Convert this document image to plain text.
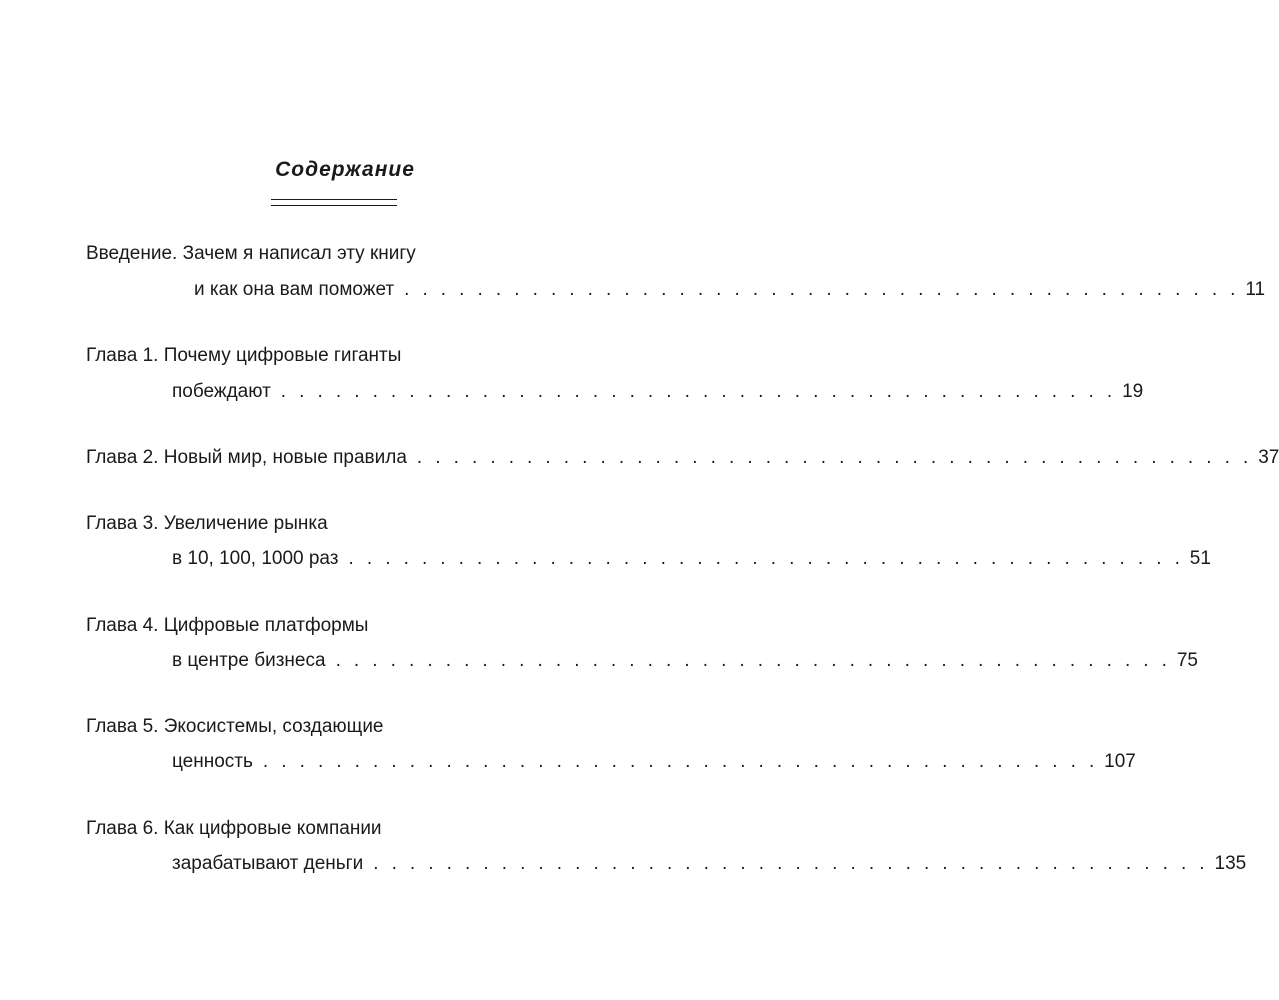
Содержание
Введение. Зачем я написал эту книгу
и как она вам поможет . . . . . . . . . . . . . . . . . . . . . . . . . . . . . . . . . . . . . . . . . . . . . . 11
Глава 1. Почему цифровые гиганты
побеждают . . . . . . . . . . . . . . . . . . . . . . . . . . . . . . . . . . . . . . . . . . . . . . 19
Глава 2. Новый мир, новые правила . . . . . . . . . . . . . . . . . . . . . . . . . . . . . . . . . . . . . . . . . . . . . . 37
Глава 3. Увеличение рынка
в 10, 100, 1000 раз . . . . . . . . . . . . . . . . . . . . . . . . . . . . . . . . . . . . . . . . . . . . . . 51
Глава 4. Цифровые платформы
в центре бизнеса . . . . . . . . . . . . . . . . . . . . . . . . . . . . . . . . . . . . . . . . . . . . . . 75
Глава 5. Экосистемы, создающие
ценность . . . . . . . . . . . . . . . . . . . . . . . . . . . . . . . . . . . . . . . . . . . . . . 107
Глава 6. Как цифровые компании
зарабатывают деньги . . . . . . . . . . . . . . . . . . . . . . . . . . . . . . . . . . . . . . . . . . . . . . 135
